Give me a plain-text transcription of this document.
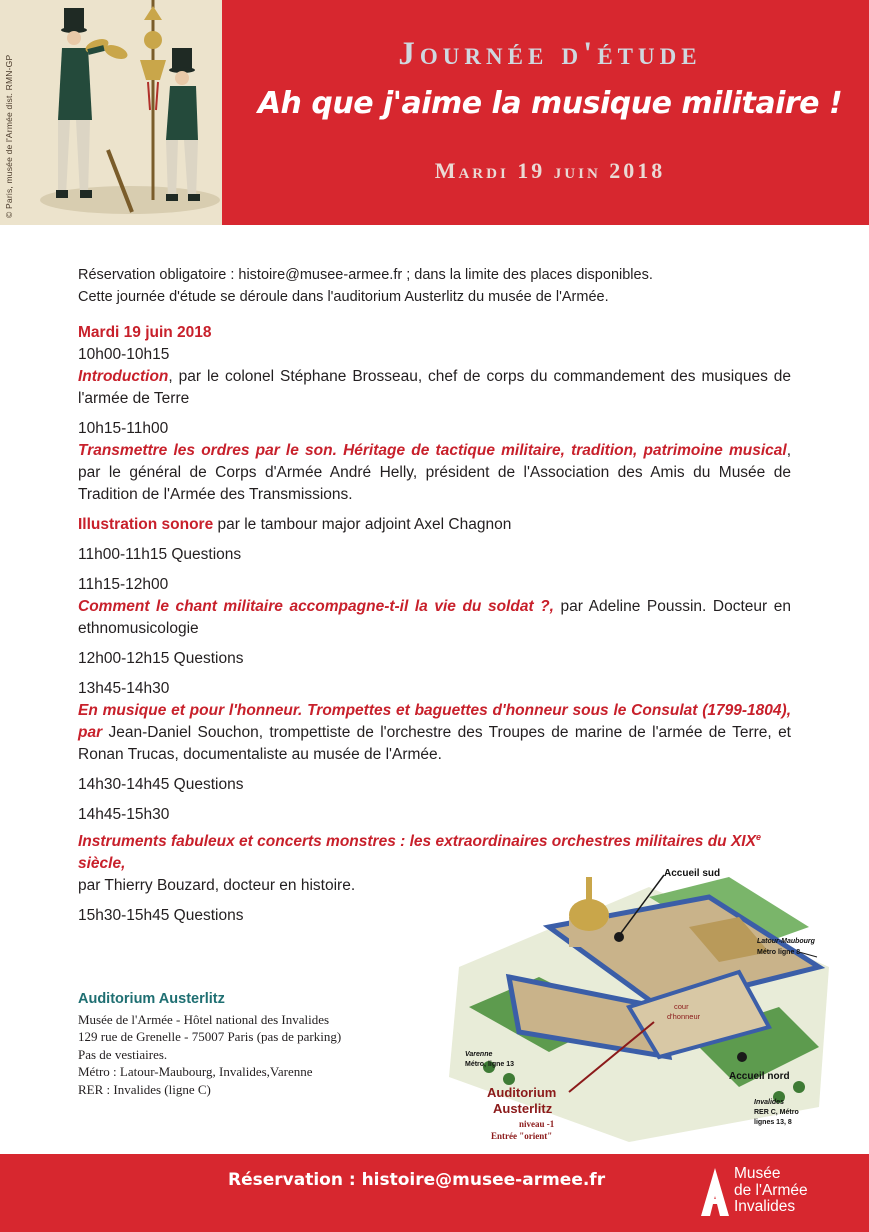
© Paris, musée de l'Armée dist. RMN-GP
Journée d'étude
Ah que j'aime la musique militaire !
Mardi 19 juin 2018
Réservation obligatoire : histoire@musee-armee.fr ; dans la limite des places disponibles.
Cette journée d'étude se déroule dans l'auditorium Austerlitz du musée de l'Armée.
Mardi 19 juin 2018
10h00-10h15
Introduction, par le colonel Stéphane Brosseau, chef de corps du commandement des musiques de l'armée de Terre
10h15-11h00
Transmettre les ordres par le son. Héritage de tactique militaire, tradition, patrimoine musical, par le général de Corps d'Armée André Helly, président de l'Association des Amis du Musée de Tradition de l'Armée des Transmissions.
Illustration sonore par le tambour major adjoint Axel Chagnon
11h00-11h15 Questions
11h15-12h00
Comment le chant militaire accompagne-t-il la vie du soldat ?, par Adeline Poussin. Docteur en ethnomusicologie
12h00-12h15 Questions
13h45-14h30
En musique et pour l'honneur. Trompettes et baguettes d'honneur sous le Consulat (1799-1804), par Jean-Daniel Souchon, trompettiste de l'orchestre des Troupes de marine de l'armée de Terre, et Ronan Trucas, documentaliste au musée de l'Armée.
14h30-14h45 Questions
14h45-15h30
Instruments fabuleux et concerts monstres : les extraordinaires orchestres militaires du XIXe siècle,
par Thierry Bouzard, docteur en histoire.
15h30-15h45 Questions
Auditorium Austerlitz
Musée de l'Armée - Hôtel national des Invalides
129 rue de Grenelle - 75007 Paris (pas de parking)
Pas de vestiaires.
Métro : Latour-Maubourg, Invalides,Varenne
RER : Invalides (ligne C)
Accueil sud
Latour-Maubourg
Métro ligne 8
cour
d'honneur
Varenne
Métro, ligne 13
Auditorium
Austerlitz
niveau -1
Entrée "orient"
Accueil nord
Invalides
RER C, Métro
lignes 13, 8
Réservation : histoire@musee-armee.fr	Musée
de l'Armée
Invalides
